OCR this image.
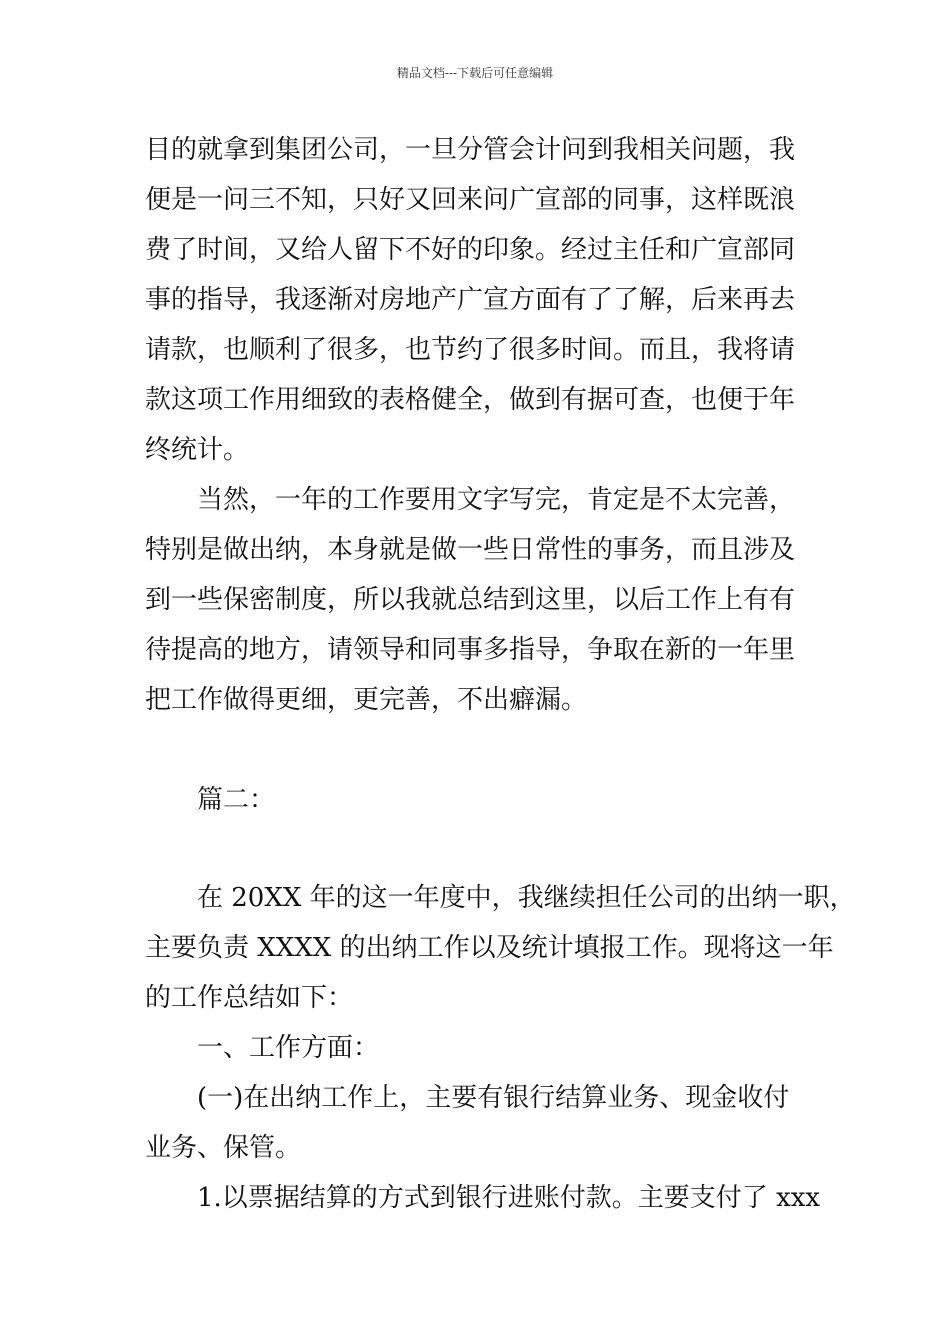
精品文档---下载后可任意编辑
目的就拿到集团公司，一旦分管会计问到我相关问题，我
便是一问三不知，只好又回来问广宣部的同事，这样既浪
费了时间，又给人留下不好的印象。经过主任和广宣部同
事的指导，我逐渐对房地产广宣方面有了了解，后来再去
请款，也顺利了很多，也节约了很多时间。而且，我将请
款这项工作用细致的表格健全，做到有据可查，也便于年
终统计。
当然，一年的工作要用文字写完，肯定是不太完善，
特别是做出纳，本身就是做一些日常性的事务，而且涉及
到一些保密制度，所以我就总结到这里，以后工作上有有
待提高的地方，请领导和同事多指导，争取在新的一年里
把工作做得更细，更完善，不出癖漏。
篇二：
在 20XX 年的这一年度中，我继续担任公司的出纳一职，
主要负责 XXXX 的出纳工作以及统计填报工作。现将这一年
的工作总结如下：
一、工作方面：
(一)在出纳工作上，主要有银行结算业务、现金收付
业务、保管。
1.以票据结算的方式到银行进账付款。主要支付了 xxx
